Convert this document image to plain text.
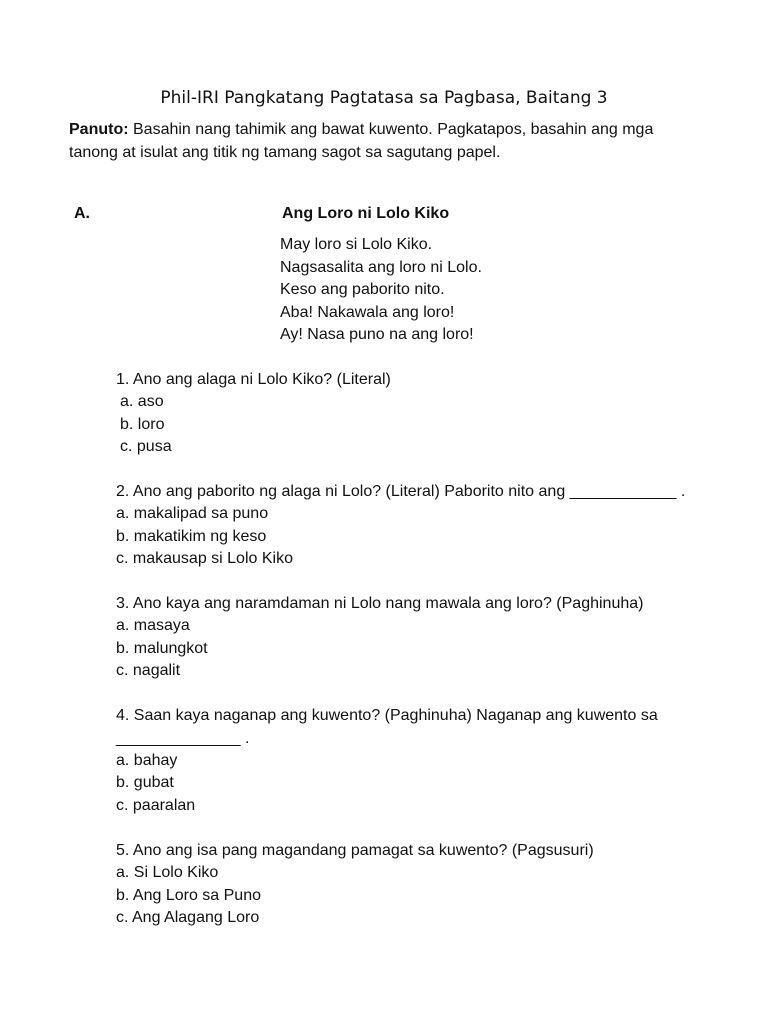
Phil-IRI Pangkatang Pagtatasa sa Pagbasa, Baitang 3
Panuto: Basahin nang tahimik ang bawat kuwento. Pagkatapos, basahin ang mga
tanong at isulat ang titik ng tamang sagot sa sagutang papel.
A.	Ang Loro ni Lolo Kiko
May loro si Lolo Kiko.
Nagsasalita ang loro ni Lolo.
Keso ang paborito nito.
Aba! Nakawala ang loro!
Ay! Nasa puno na ang loro!
1. Ano ang alaga ni Lolo Kiko? (Literal)
a. aso
b. loro
c. pusa
2. Ano ang paborito ng alaga ni Lolo? (Literal) Paborito nito ang ____________ .
a. makalipad sa puno
b. makatikim ng keso
c. makausap si Lolo Kiko
3. Ano kaya ang naramdaman ni Lolo nang mawala ang loro? (Paghinuha)
a. masaya
b. malungkot
c. nagalit
4. Saan kaya naganap ang kuwento? (Paghinuha) Naganap ang kuwento sa
______________ .
a. bahay
b. gubat
c. paaralan
5. Ano ang isa pang magandang pamagat sa kuwento? (Pagsusuri)
a. Si Lolo Kiko
b. Ang Loro sa Puno
c. Ang Alagang Loro
